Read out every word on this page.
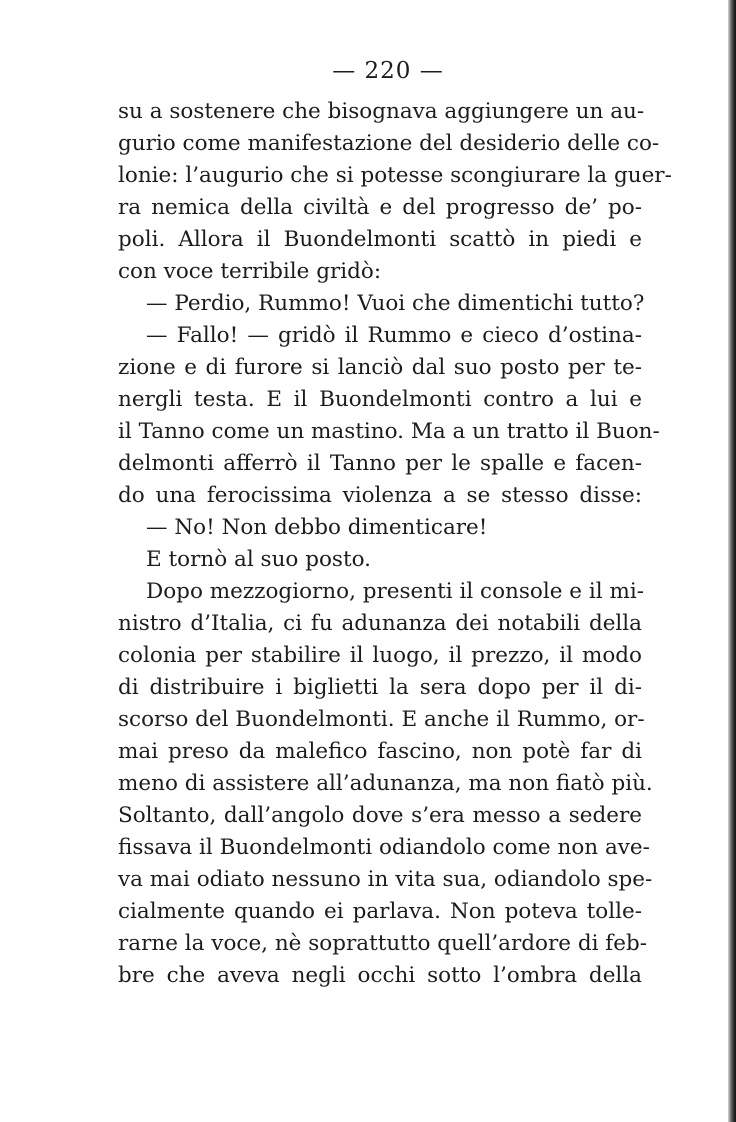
— 220 —
su a sostenere che bisognava aggiungere un au-
gurio come manifestazione del desiderio delle co-
lonie: l’augurio che si potesse scongiurare la guer-
ra nemica della civiltà e del progresso de’ po-
poli. Allora il Buondelmonti scattò in piedi e
con voce terribile gridò:
— Perdio, Rummo! Vuoi che dimentichi tutto?
— Fallo! — gridò il Rummo e cieco d’ostina-
zione e di furore si lanciò dal suo posto per te-
nergli testa. E il Buondelmonti contro a lui e
il Tanno come un mastino. Ma a un tratto il Buon-
delmonti afferrò il Tanno per le spalle e facen-
do una ferocissima violenza a se stesso disse:
— No! Non debbo dimenticare!
E tornò al suo posto.
Dopo mezzogiorno, presenti il console e il mi-
nistro d’Italia, ci fu adunanza dei notabili della
colonia per stabilire il luogo, il prezzo, il modo
di distribuire i biglietti la sera dopo per il di-
scorso del Buondelmonti. E anche il Rummo, or-
mai preso da malefico fascino, non potè far di
meno di assistere all’adunanza, ma non fiatò più.
Soltanto, dall’angolo dove s’era messo a sedere
fissava il Buondelmonti odiandolo come non ave-
va mai odiato nessuno in vita sua, odiandolo spe-
cialmente quando ei parlava. Non poteva tolle-
rarne la voce, nè soprattutto quell’ardore di feb-
bre che aveva negli occhi sotto l’ombra della
